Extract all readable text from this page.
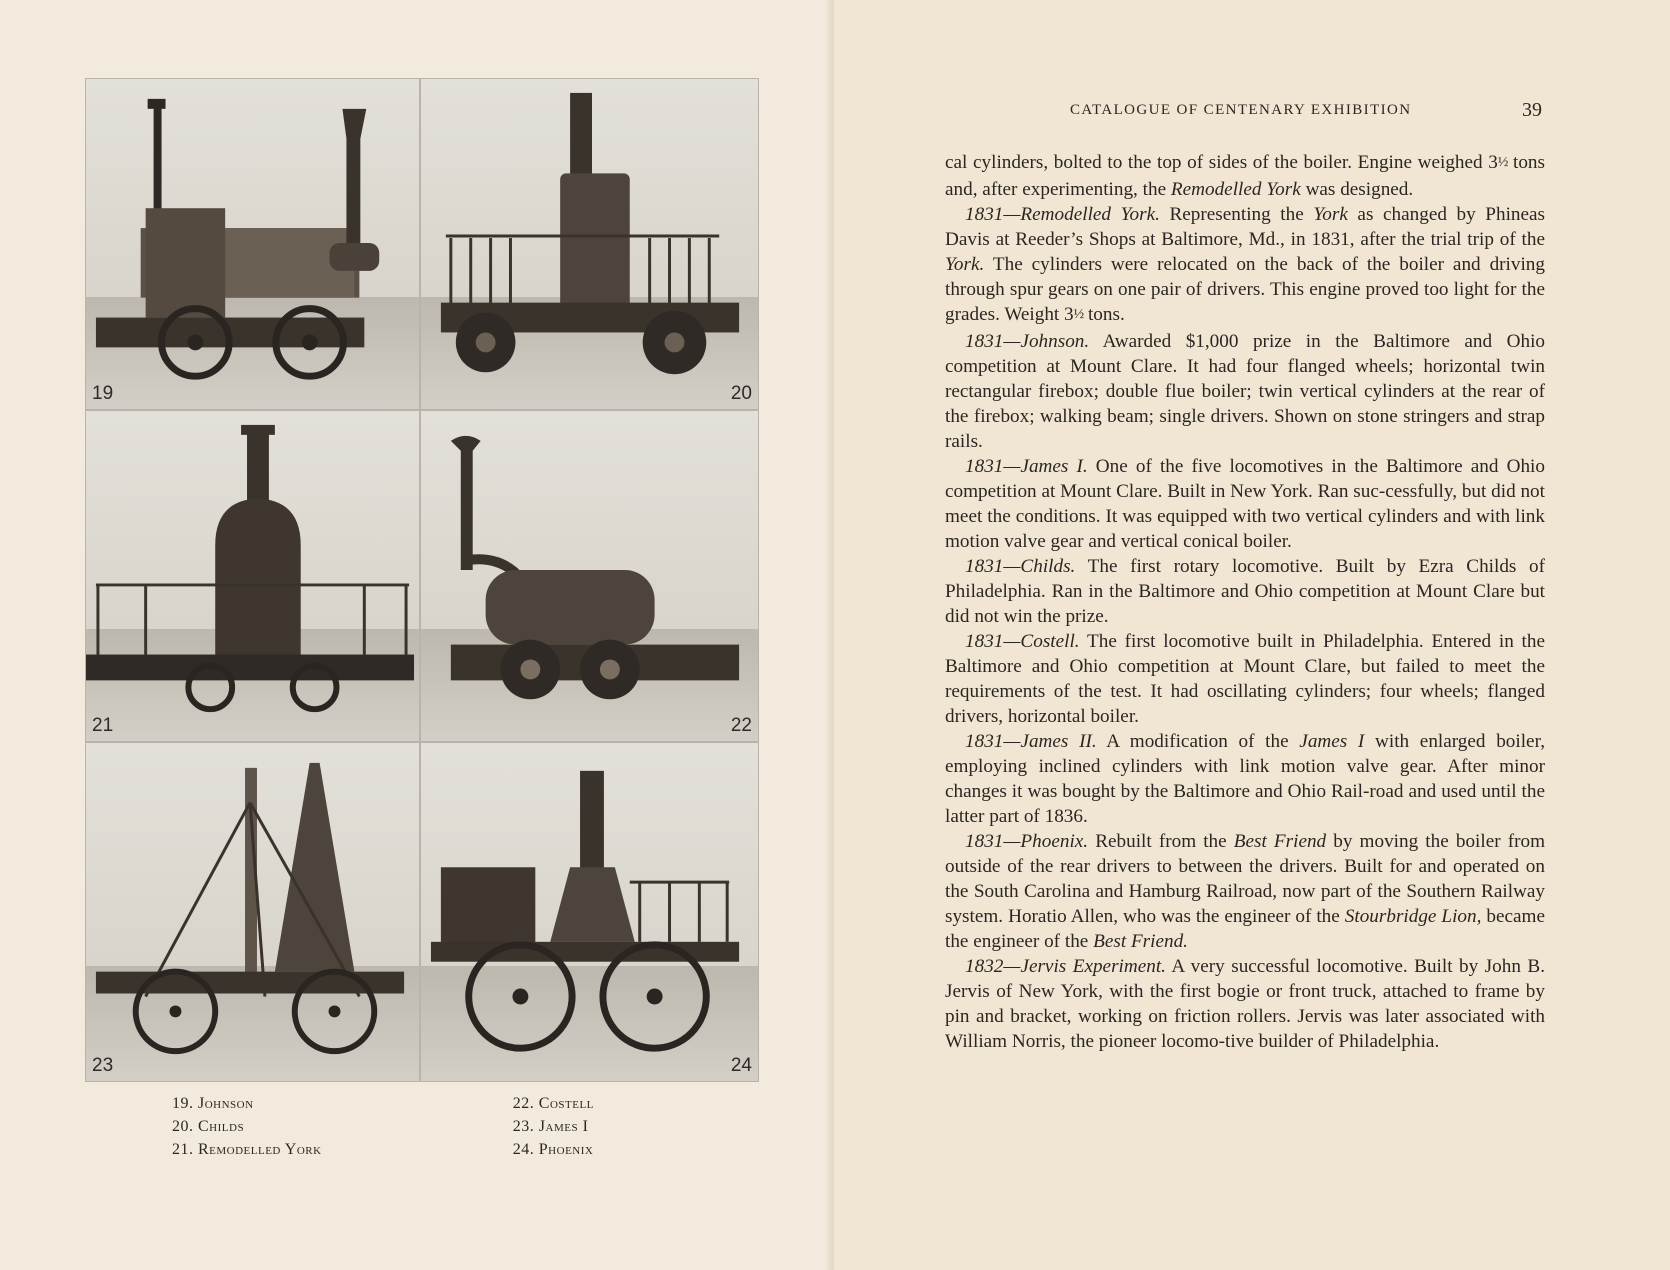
19	20
21	22
23	24
19. Johnson
20. Childs
21. Remodelled York
22. Costell
23. James I
24. Phoenix
CATALOGUE OF CENTENARY EXHIBITION	39

cal cylinders, bolted to the top of sides of the boiler. Engine weighed 3½ tons and, after experimenting, the Remodelled York was designed.

1831—Remodelled York. Representing the York as changed by Phineas Davis at Reeder’s Shops at Baltimore, Md., in 1831, after the trial trip of the York. The cylinders were relocated on the back of the boiler and driving through spur gears on one pair of drivers. This engine proved too light for the grades. Weight 3½ tons.

1831—Johnson. Awarded $1,000 prize in the Baltimore and Ohio competition at Mount Clare. It had four flanged wheels; horizontal twin rectangular firebox; double flue boiler; twin vertical cylinders at the rear of the firebox; walking beam; single drivers. Shown on stone stringers and strap rails.

1831—James I. One of the five locomotives in the Baltimore and Ohio competition at Mount Clare. Built in New York. Ran suc-cessfully, but did not meet the conditions. It was equipped with two vertical cylinders and with link motion valve gear and vertical conical boiler.

1831—Childs. The first rotary locomotive. Built by Ezra Childs of Philadelphia. Ran in the Baltimore and Ohio competition at Mount Clare but did not win the prize.

1831—Costell. The first locomotive built in Philadelphia. Entered in the Baltimore and Ohio competition at Mount Clare, but failed to meet the requirements of the test. It had oscillating cylinders; four wheels; flanged drivers, horizontal boiler.

1831—James II. A modification of the James I with enlarged boiler, employing inclined cylinders with link motion valve gear. After minor changes it was bought by the Baltimore and Ohio Rail-road and used until the latter part of 1836.

1831—Phoenix. Rebuilt from the Best Friend by moving the boiler from outside of the rear drivers to between the drivers. Built for and operated on the South Carolina and Hamburg Railroad, now part of the Southern Railway system. Horatio Allen, who was the engineer of the Stourbridge Lion, became the engineer of the Best Friend.

1832—Jervis Experiment. A very successful locomotive. Built by John B. Jervis of New York, with the first bogie or front truck, attached to frame by pin and bracket, working on friction rollers. Jervis was later associated with William Norris, the pioneer locomo-tive builder of Philadelphia.
